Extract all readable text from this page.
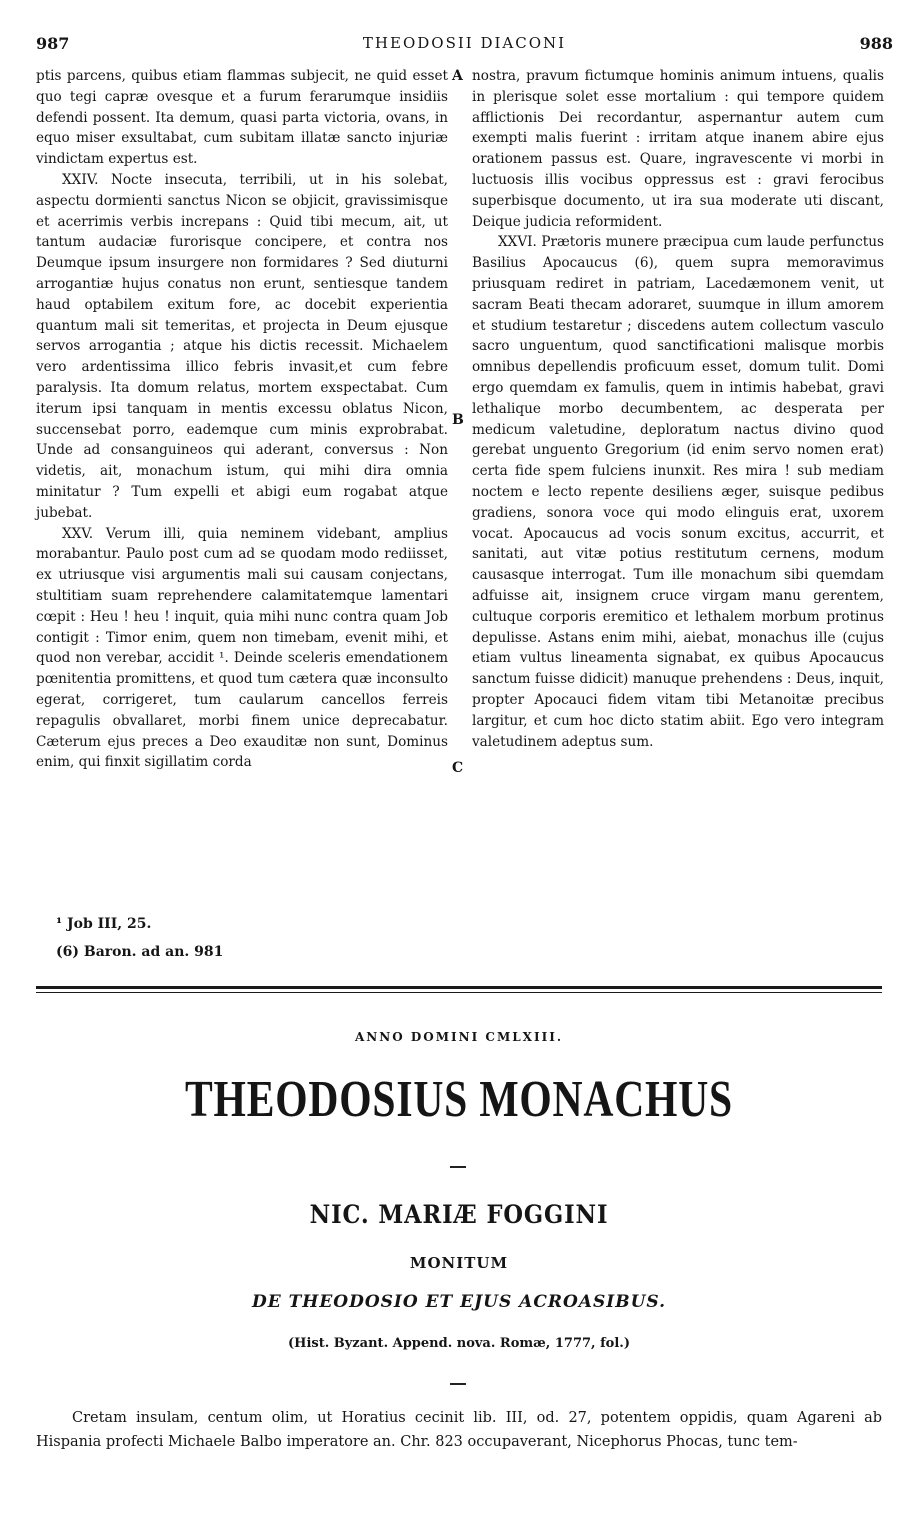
987	THEODOSII DIACONI	988

ptis parcens, quibus etiam flammas subjecit, ne quid esset quo tegi capræ ovesque et a furum ferarumque insidiis defendi possent. Ita demum, quasi parta victoria, ovans, in equo miser exsultabat, cum subitam illatæ sancto injuriæ vindictam expertus est.

XXIV. Nocte insecuta, terribili, ut in his solebat, aspectu dormienti sanctus Nicon se objicit, gravissimisque et acerrimis verbis increpans : Quid tibi mecum, ait, ut tantum audaciæ furorisque conciperе, et contra nos Deumque ipsum insurgere non formidares ? Sed diuturni arrogantiæ hujus conatus non erunt, sentiesque tandem haud optabilem exitum fore, ac docebit experientia quantum mali sit temeritas, et projecta in Deum ejusque servos arrogantia ; atque his dictis recessit. Michaelem vero ardentissima illico febris invasit,et cum febre paralysis. Ita domum relatus, mortem exspectabat. Cum iterum ipsi tanquam in mentis excessu oblatus Nicon, succensebat porro, eademque cum minis exprobrabat. Unde ad consanguineos qui aderant, conversus : Non videtis, ait, monachum istum, qui mihi dira omnia minitatur ? Tum expelli et abigi eum rogabat atque jubebat.

XXV. Verum illi, quia neminem videbant, amplius morabantur. Paulo post cum ad se quodam modo rediisset, ex utriusque visi argumentis mali sui causam conjectans, stultitiam suam reprehendere calamitatemque lamentari cœpit : Heu ! heu ! inquit, quia mihi nunc contra quam Job contigit : Timor enim, quem non timebam, evenit mihi, et quod non verebar, accidit ¹. Deinde sceleris emendationem pœnitentia promittens, et quod tum cætera quæ inconsulto egerat, corrigeret, tum caularum cancellos ferreis repagulis obvallaret, morbi finem unice deprecabatur. Cæterum ejus preces a Deo exauditæ non sunt, Dominus enim, qui finxit sigillatim corda

A
B
C

nostra, pravum fictumque hominis animum intuens, qualis in plerisque solet esse mortalium : qui tempore quidem afflictionis Dei recordantur, aspernantur autem cum exempti malis fuerint : irritam atque inanem abire ejus orationem passus est. Quare, ingravescente vi morbi in luctuosis illis vocibus oppressus est : gravi ferocibus superbisque documento, ut ira sua moderate uti discant, Deique judicia reformident.

XXVI. Prætoris munere præcipua cum laude perfunctus Basilius Apocaucus (6), quem supra memoravimus priusquam rediret in patriam, Lacedæmonem venit, ut sacram Beati thecam adoraret, suumque in illum amorem et studium testaretur ; discedens autem collectum vasculo sacro unguentum, quod sanctificationi malisque morbis omnibus depellendis proficuum esset, domum tulit. Domi ergo quemdam ex famulis, quem in intimis habebat, gravi lethalique morbo decumbentem, ac desperata per medicum valetudine, deploratum nactus divino quod gerebat unguento Gregorium (id enim servo nomen erat) certa fide spem fulciens inunxit. Res mira ! sub mediam noctem e lecto repente desiliens æger, suisque pedibus gradiens, sonora voce qui modo elinguis erat, uxorem vocat. Apocaucus ad vocis sonum excitus, accurrit, et sanitati, aut vitæ potius restitutum cernens, modum causasque interrogat. Tum ille monachum sibi quemdam adfuisse ait, insignem cruce virgam manu gerentem, cultuque corporis eremitico et lethalem morbum protinus depulisse. Astans enim mihi, aiebat, monachus ille (cujus etiam vultus lineamenta signabat, ex quibus Apocaucus sanctum fuisse didicit) manuque prehendens : Deus, inquit, propter Apocauci fidem vitam tibi Metanoitæ precibus largitur, et cum hoc dicto statim abiit. Ego vero integram valetudinem adeptus sum.

¹ Job III, 25.
(6) Baron. ad an. 981
ANNO DOMINI CMLXIII.
THEODOSIUS MONACHUS
NIC. MARIÆ FOGGINI
MONITUM
DE THEODOSIO ET EJUS ACROASIBUS.
(Hist. Byzant. Append. nova. Romæ, 1777, fol.)

Cretam insulam, centum olim, ut Horatius cecinit lib. III, od. 27, potentem oppidis, quam Agareni ab Hispania profecti Michaele Balbo imperatore an. Chr. 823 occupaverant, Nicephorus Phocas, tunc tem-
